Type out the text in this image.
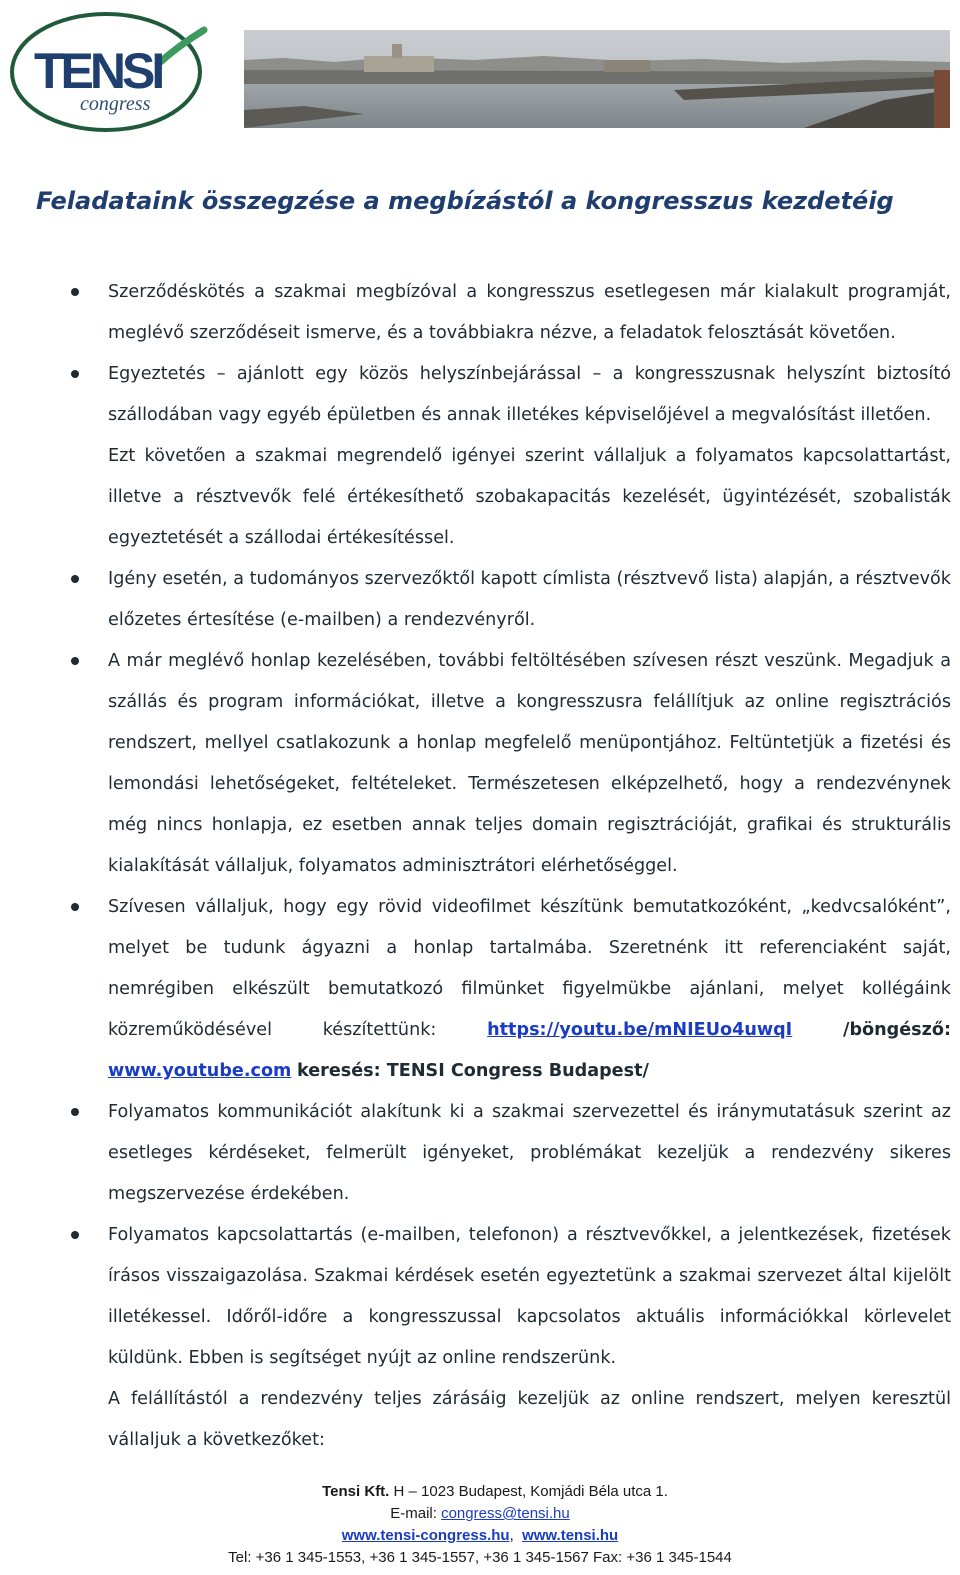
TENSI
congress
Feladataink összegzése a megbízástól a kongresszus kezdetéig

Szerződéskötés a szakmai megbízóval a kongresszus esetlegesen már kialakult programját, meglévő szerződéseit ismerve, és a továbbiakra nézve, a feladatok felosztását követően.

Egyeztetés – ajánlott egy közös helyszínbejárással – a kongresszusnak helyszínt biztosító szállodában vagy egyéb épületben és annak illetékes képviselőjével a megvalósítást illetően.

Ezt követően a szakmai megrendelő igényei szerint vállaljuk a folyamatos kapcsolattartást, illetve a résztvevők felé értékesíthető szobakapacitás kezelését, ügyintézését, szobalisták egyeztetését a szállodai értékesítéssel.

Igény esetén, a tudományos szervezőktől kapott címlista (résztvevő lista) alapján, a résztvevők előzetes értesítése (e-mailben) a rendezvényről.

A már meglévő honlap kezelésében, további feltöltésében szívesen részt veszünk. Megadjuk a szállás és program információkat, illetve a kongresszusra felállítjuk az online regisztrációs rendszert, mellyel csatlakozunk a honlap megfelelő menüpontjához. Feltüntetjük a fizetési és lemondási lehetőségeket, feltételeket. Természetesen elképzelhető, hogy a rendezvénynek még nincs honlapja, ez esetben annak teljes domain regisztrációját, grafikai és strukturális kialakítását vállaljuk, folyamatos adminisztrátori elérhetőséggel.

Szívesen vállaljuk, hogy egy rövid videofilmet készítünk bemutatkozóként, „kedvcsalóként”, melyet be tudunk ágyazni a honlap tartalmába. Szeretnénk itt referenciaként saját, nemrégiben elkészült bemutatkozó filmünket figyelmükbe ajánlani, melyet kollégáink közreműködésével készítettünk:	https://youtu.be/mNIEUo4uwqI	/böngésző: www.youtube.com keresés: TENSI Congress Budapest/

Folyamatos kommunikációt alakítunk ki a szakmai szervezettel és iránymutatásuk szerint az esetleges kérdéseket, felmerült igényeket, problémákat kezeljük a rendezvény sikeres megszervezése érdekében.

Folyamatos kapcsolattartás (e-mailben, telefonon) a résztvevőkkel, a jelentkezések, fizetések írásos visszaigazolása. Szakmai kérdések esetén egyeztetünk a szakmai szervezet által kijelölt illetékessel. Időről-időre a kongresszussal kapcsolatos aktuális információkkal körlevelet küldünk. Ebben is segítséget nyújt az online rendszerünk.

A felállítástól a rendezvény teljes zárásáig kezeljük az online rendszert, melyen keresztül vállaljuk a következőket:

Tensi Kft. H – 1023 Budapest, Komjádi Béla utca 1.
E-mail: congress@tensi.hu
www.tensi-congress.hu, www.tensi.hu
Tel: +36 1 345-1553, +36 1 345-1557, +36 1 345-1567 Fax: +36 1 345-1544
